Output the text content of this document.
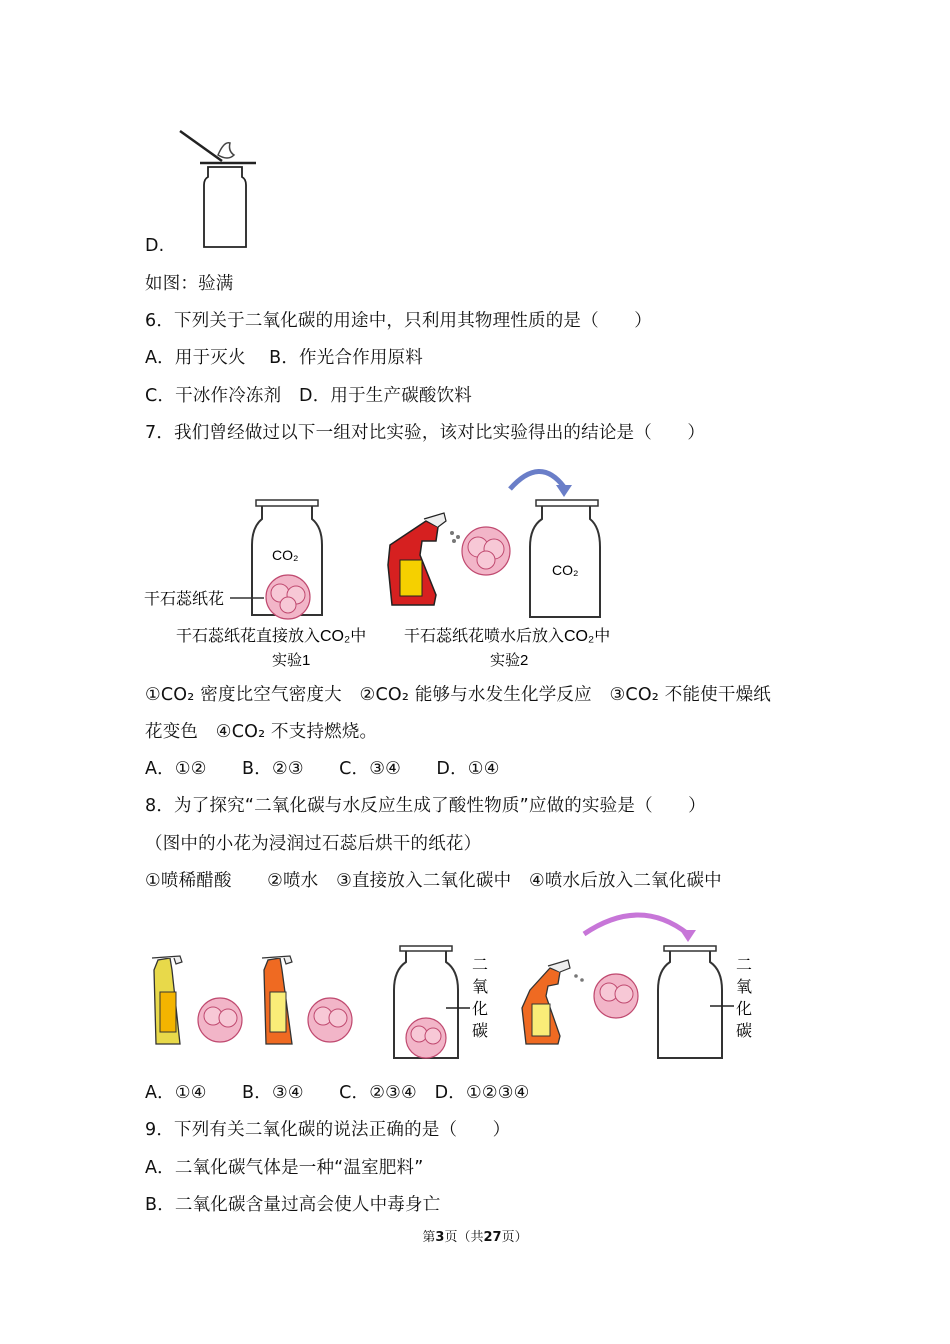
D.
如图：验满
6．下列关于二氧化碳的用途中，只利用其物理性质的是（　　）
A．用于灭火　 B．作光合作用原料
C．干冰作冷冻剂　D．用于生产碳酸饮料
7．我们曾经做过以下一组对比实验，该对比实验得出的结论是（　　）
CO₂
干石蕊纸花
干石蕊纸花直接放入CO₂中
实验1
CO₂
干石蕊纸花喷水后放入CO₂中
实验2
①CO₂ 密度比空气密度大　②CO₂ 能够与水发生化学反应　③CO₂ 不能使干燥纸
花变色　④CO₂ 不支持燃烧。
A．①②　　B．②③　　C．③④　　D．①④
8．为了探究“二氧化碳与水反应生成了酸性物质”应做的实验是（　　）
（图中的小花为浸润过石蕊后烘干的纸花）
①喷稀醋酸　　②喷水　③直接放入二氧化碳中　④喷水后放入二氧化碳中
二
氧
化
碳
二
氧
化
碳
A．①④　　B．③④　　C．②③④　D．①②③④
9．下列有关二氧化碳的说法正确的是（　　）
A．二氧化碳气体是一种“温室肥料”
B．二氧化碳含量过高会使人中毒身亡
第3页（共27页）
